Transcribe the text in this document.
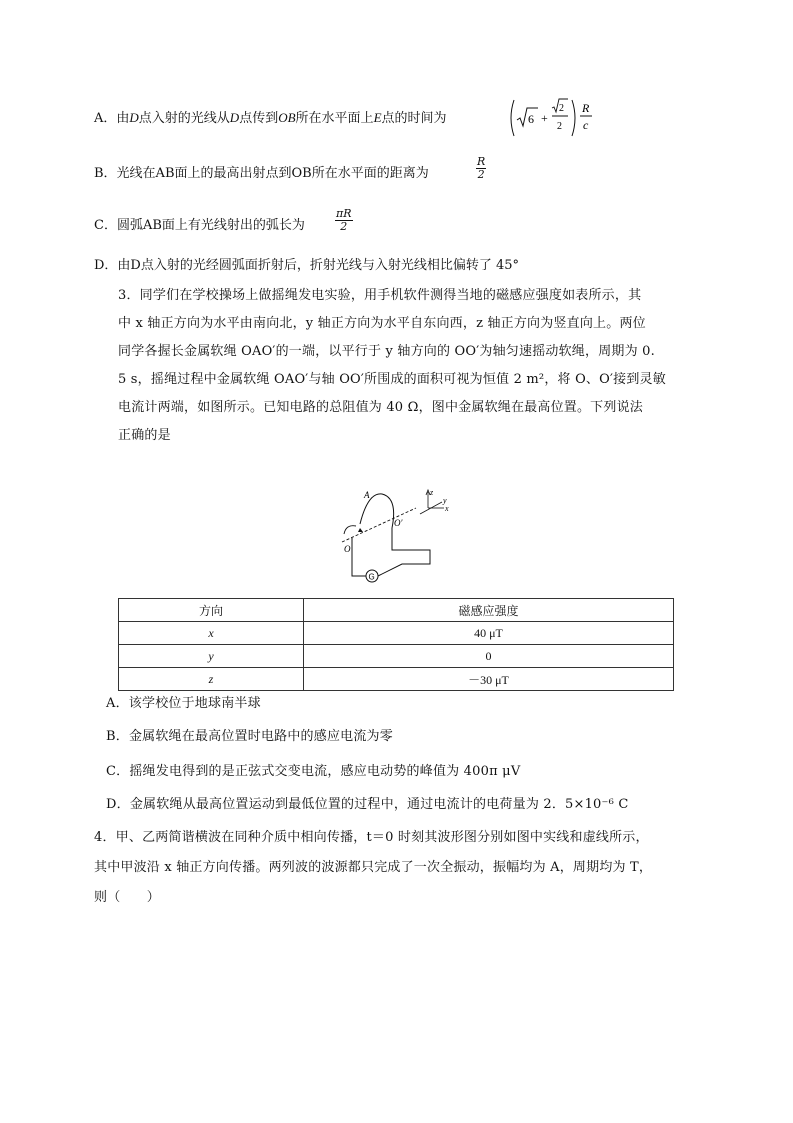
A．由D点入射的光线从D点传到OB所在水平面上E点的时间为	6 +
2
2
R
c
B．光线在AB面上的最高出射点到OB所在水平面的距离为	$\frac{R}{2}$
C．圆弧AB面上有光线射出的弧长为	$\frac{\pi R}{2}$
D．由D点入射的光经圆弧面折射后，折射光线与入射光线相比偏转了 45°
3．同学们在学校操场上做摇绳发电实验，用手机软件测得当地的磁感应强度如表所示，其
中 x 轴正方向为水平由南向北，y 轴正方向为水平自东向西，z 轴正方向为竖直向上。两位
同学各握长金属软绳 OAO′的一端，以平行于 y 轴方向的 OO′为轴匀速摇动软绳，周期为 0.
5 s，摇绳过程中金属软绳 OAO′与轴 OO′所围成的面积可视为恒值 2 m²，将 O、O′接到灵敏
电流计两端，如图所示。已知电路的总阻值为 40 Ω，图中金属软绳在最高位置。下列说法
正确的是
G
A
O
O′
z
y
x
方向	磁感应强度
x	40 μT
y	0
z	－30 μT
A．该学校位于地球南半球
B．金属软绳在最高位置时电路中的感应电流为零
C．摇绳发电得到的是正弦式交变电流，感应电动势的峰值为 400π μV
D．金属软绳从最高位置运动到最低位置的过程中，通过电流计的电荷量为 2．5×10⁻⁶ C
4．甲、乙两简谐横波在同种介质中相向传播，t＝0 时刻其波形图分别如图中实线和虚线所示，
其中甲波沿 x 轴正方向传播。两列波的波源都只完成了一次全振动，振幅均为 A，周期均为 T，
则（　　）
